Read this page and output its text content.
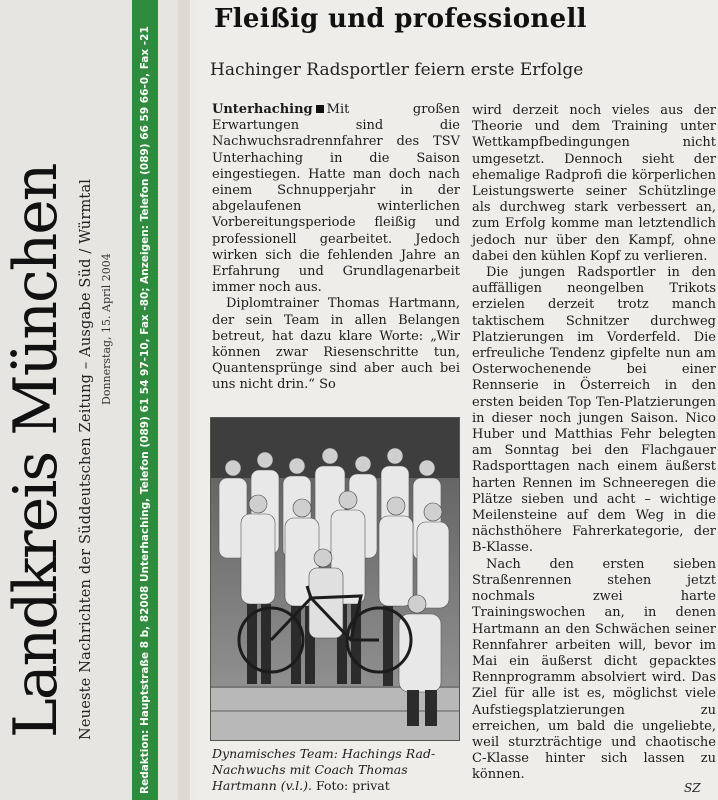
Redaktion: Hauptstraße 8 b, 82008 Unterhaching, Telefon (089) 61 54 97-10, Fax -80; Anzeigen: Telefon (089) 66 59 66-0, Fax -21
Donnerstag, 15. April 2004
Neueste Nachrichten der Süddeutschen Zeitung – Ausgabe Süd / Würmtal
Landkreis München
Fleißig und professionell
Hachinger Radsportler feiern erste Erfolge

Unterhaching Mit großen Erwartungen sind die Nachwuchsradrennfahrer des TSV Unterhaching in die Saison eingestiegen. Hatte man doch nach einem Schnupperjahr in der abgelaufenen winterlichen Vorbereitungsperiode fleißig und professionell gearbeitet. Jedoch wirken sich die fehlenden Jahre an Erfahrung und Grundlagenarbeit immer noch aus.

Diplomtrainer Thomas Hartmann, der sein Team in allen Belangen betreut, hat dazu klare Worte: „Wir können zwar Riesenschritte tun, Quantensprünge sind aber auch bei uns nicht drin.“ So

Dynamisches Team: Hachings Rad-Nachwuchs mit Coach Thomas Hartmann (v.l.). Foto: privat

wird derzeit noch vieles aus der Theorie und dem Training unter Wettkampfbedingungen nicht umgesetzt. Dennoch sieht der ehemalige Radprofi die körperlichen Leistungswerte seiner Schützlinge als durchweg stark verbessert an, zum Erfolg komme man letztendlich jedoch nur über den Kampf, ohne dabei den kühlen Kopf zu verlieren.

Die jungen Radsportler in den auffälligen neongelben Trikots erzielen derzeit trotz manch taktischem Schnitzer durchweg Platzierungen im Vorderfeld. Die erfreuliche Tendenz gipfelte nun am Osterwochenende bei einer Rennserie in Österreich in den ersten beiden Top Ten-Platzierungen in dieser noch jungen Saison. Nico Huber und Matthias Fehr belegten am Sonntag bei den Flachgauer Radsporttagen nach einem äußerst harten Rennen im Schneeregen die Plätze sieben und acht – wichtige Meilensteine auf dem Weg in die nächsthöhere Fahrerkategorie, der B-Klasse.

Nach den ersten sieben Straßenrennen stehen jetzt nochmals zwei harte Trainingswochen an, in denen Hartmann an den Schwächen seiner Rennfahrer arbeiten will, bevor im Mai ein äußerst dicht gepacktes Rennprogramm absolviert wird. Das Ziel für alle ist es, möglichst viele Aufstiegsplatzierungen zu erreichen, um bald die ungeliebte, weil sturzträchtige und chaotische C-Klasse hinter sich lassen zu können.

SZ
